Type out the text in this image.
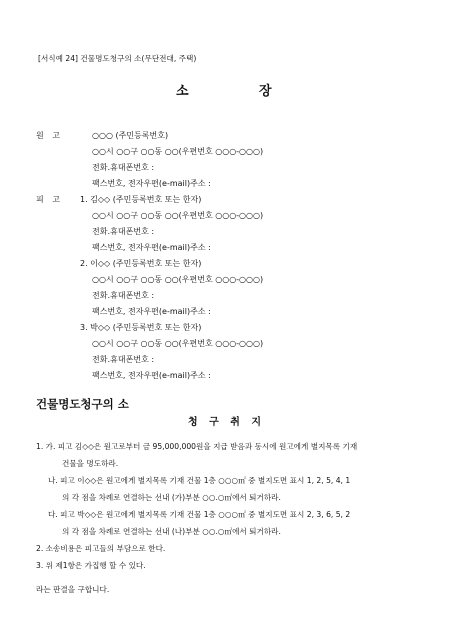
[서식예 24] 건물명도청구의 소(무단전대, 주택)
소	장
원 고	○○○ (주민등록번호)
○○시 ○○구 ○○동 ○○(우편번호 ○○○-○○○)
전화․휴대폰번호 :
팩스번호, 전자우편(e-mail)주소 :
피 고 1. 김◇◇ (주민등록번호 또는 한자)
○○시 ○○구 ○○동 ○○(우편번호 ○○○-○○○)
전화․휴대폰번호 :
팩스번호, 전자우편(e-mail)주소 :
2. 이◇◇ (주민등록번호 또는 한자)
○○시 ○○구 ○○동 ○○(우편번호 ○○○-○○○)
전화․휴대폰번호 :
팩스번호, 전자우편(e-mail)주소 :
3. 박◇◇ (주민등록번호 또는 한자)
○○시 ○○구 ○○동 ○○(우편번호 ○○○-○○○)
전화․휴대폰번호 :
팩스번호, 전자우편(e-mail)주소 :
건물명도청구의 소
청 구 취 지
1. 가. 피고 김◇◇은 원고로부터 금 95,000,000원을 지급 받음과 동시에 원고에게 별지목록 기재
건물을 명도하라.
나. 피고 이◇◇은 원고에게 별지목록 기재 건물 1층 ○○○㎡ 중 별지도면 표시 1, 2, 5, 4, 1
의 각 점을 차례로 연결하는 선내 (가)부분 ○○.○㎡에서 퇴거하라.
다. 피고 박◇◇은 원고에게 별지목록 기재 건물 1층 ○○○㎡ 중 별지도면 표시 2, 3, 6, 5, 2
의 각 점을 차례로 연결하는 선내 (나)부분 ○○.○㎡에서 퇴거하라.
2. 소송비용은 피고들의 부담으로 한다.
3. 위 제1항은 가집행 할 수 있다.
라는 판결을 구합니다.
